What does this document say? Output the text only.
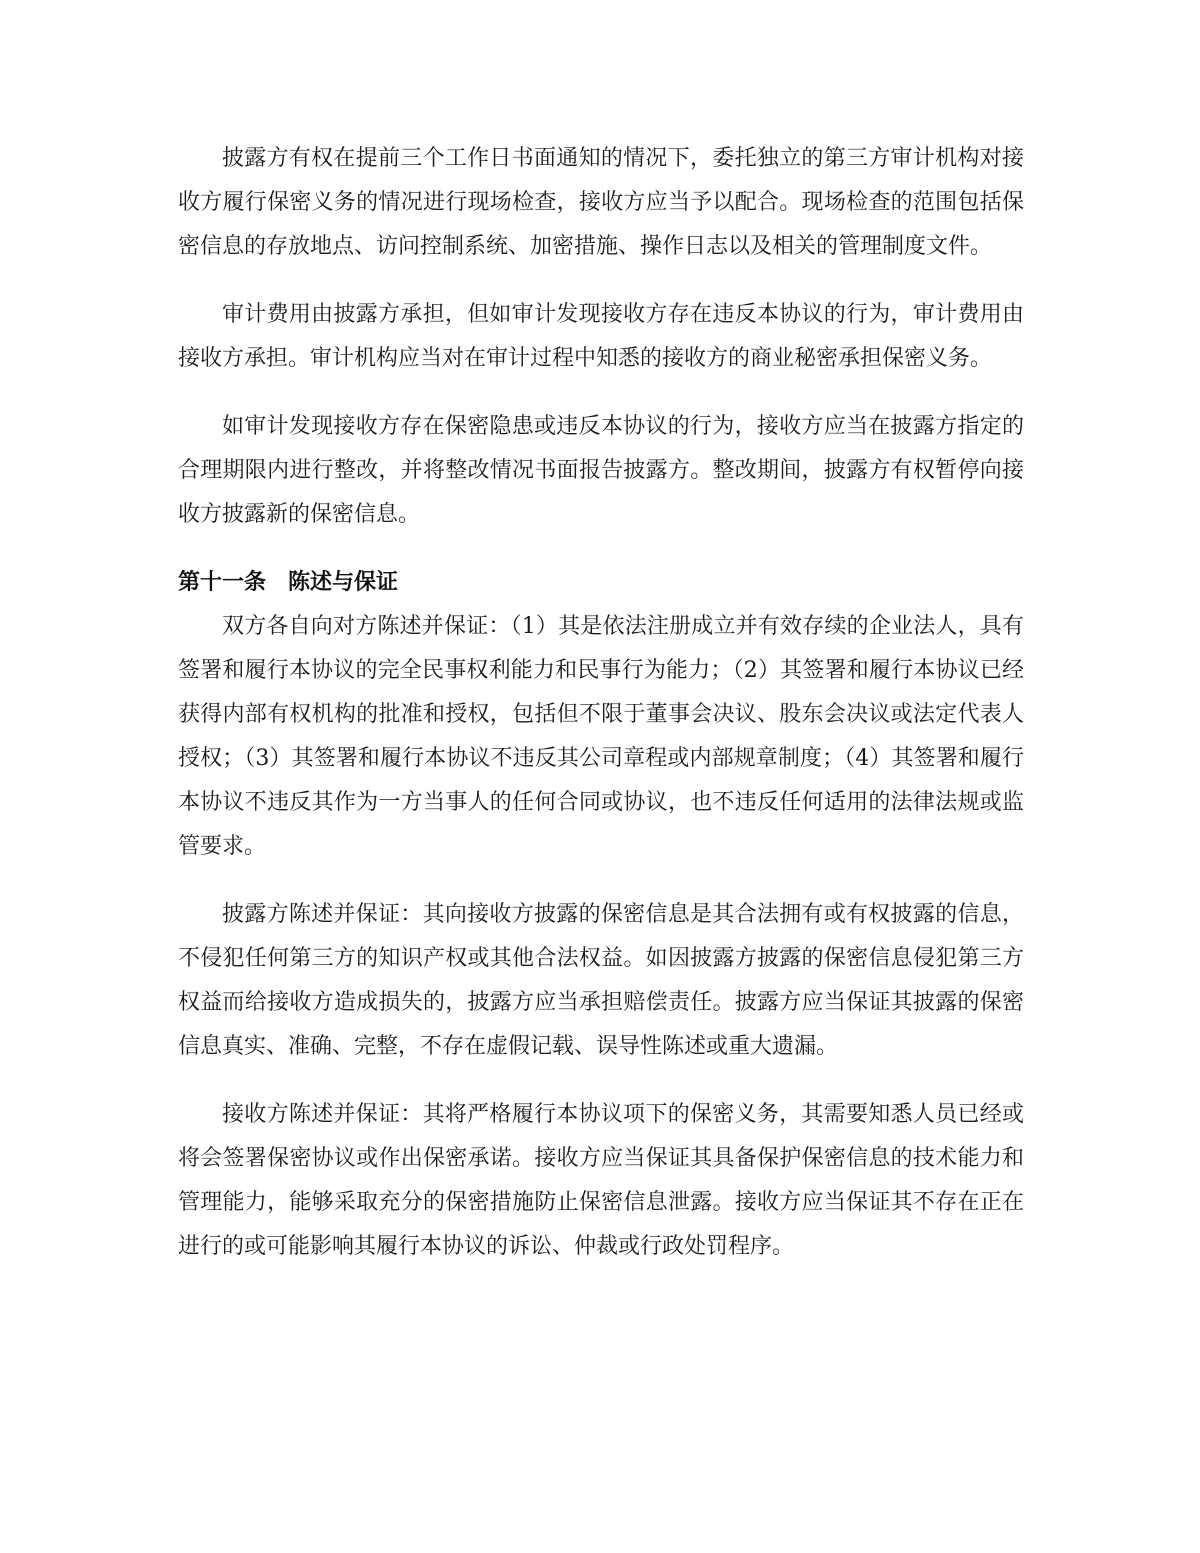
披露方有权在提前三个工作日书面通知的情况下，委托独立的第三方审计机构对接收方履行保密义务的情况进行现场检查，接收方应当予以配合。现场检查的范围包括保密信息的存放地点、访问控制系统、加密措施、操作日志以及相关的管理制度文件。

审计费用由披露方承担，但如审计发现接收方存在违反本协议的行为，审计费用由接收方承担。审计机构应当对在审计过程中知悉的接收方的商业秘密承担保密义务。

如审计发现接收方存在保密隐患或违反本协议的行为，接收方应当在披露方指定的合理期限内进行整改，并将整改情况书面报告披露方。整改期间，披露方有权暂停向接收方披露新的保密信息。

第十一条 陈述与保证

双方各自向对方陈述并保证：（1）其是依法注册成立并有效存续的企业法人，具有签署和履行本协议的完全民事权利能力和民事行为能力；（2）其签署和履行本协议已经获得内部有权机构的批准和授权，包括但不限于董事会决议、股东会决议或法定代表人授权；（3）其签署和履行本协议不违反其公司章程或内部规章制度；（4）其签署和履行本协议不违反其作为一方当事人的任何合同或协议，也不违反任何适用的法律法规或监管要求。

披露方陈述并保证：其向接收方披露的保密信息是其合法拥有或有权披露的信息，不侵犯任何第三方的知识产权或其他合法权益。如因披露方披露的保密信息侵犯第三方权益而给接收方造成损失的，披露方应当承担赔偿责任。披露方应当保证其披露的保密信息真实、准确、完整，不存在虚假记载、误导性陈述或重大遗漏。

接收方陈述并保证：其将严格履行本协议项下的保密义务，其需要知悉人员已经或将会签署保密协议或作出保密承诺。接收方应当保证其具备保护保密信息的技术能力和管理能力，能够采取充分的保密措施防止保密信息泄露。接收方应当保证其不存在正在进行的或可能影响其履行本协议的诉讼、仲裁或行政处罚程序。
